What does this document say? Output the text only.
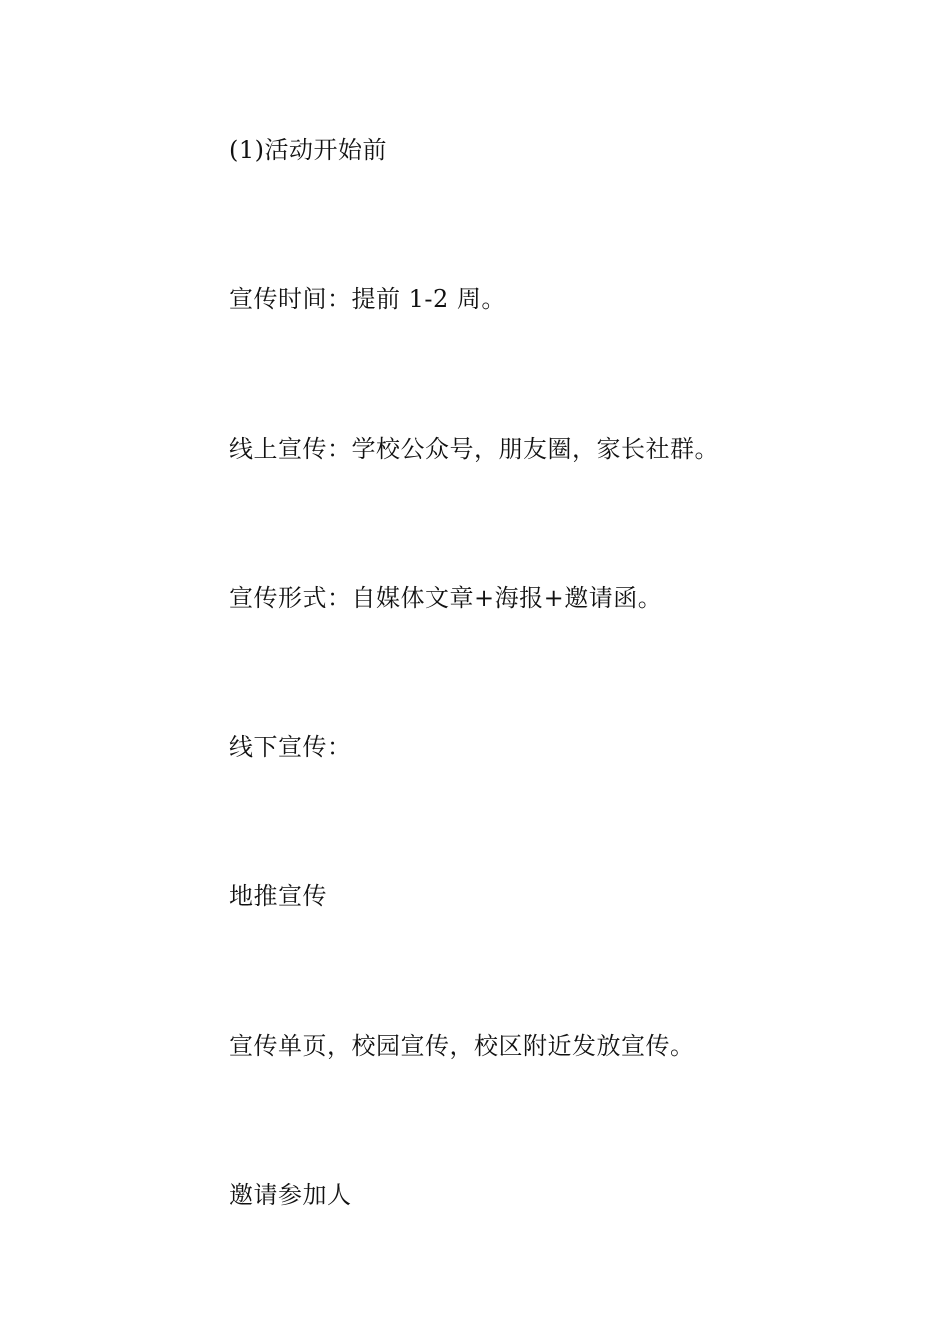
(1)活动开始前
宣传时间：提前 1-2 周。
线上宣传：学校公众号，朋友圈，家长社群。
宣传形式：自媒体文章+海报+邀请函。
线下宣传：
地推宣传
宣传单页，校园宣传，校区附近发放宣传。
邀请参加人
